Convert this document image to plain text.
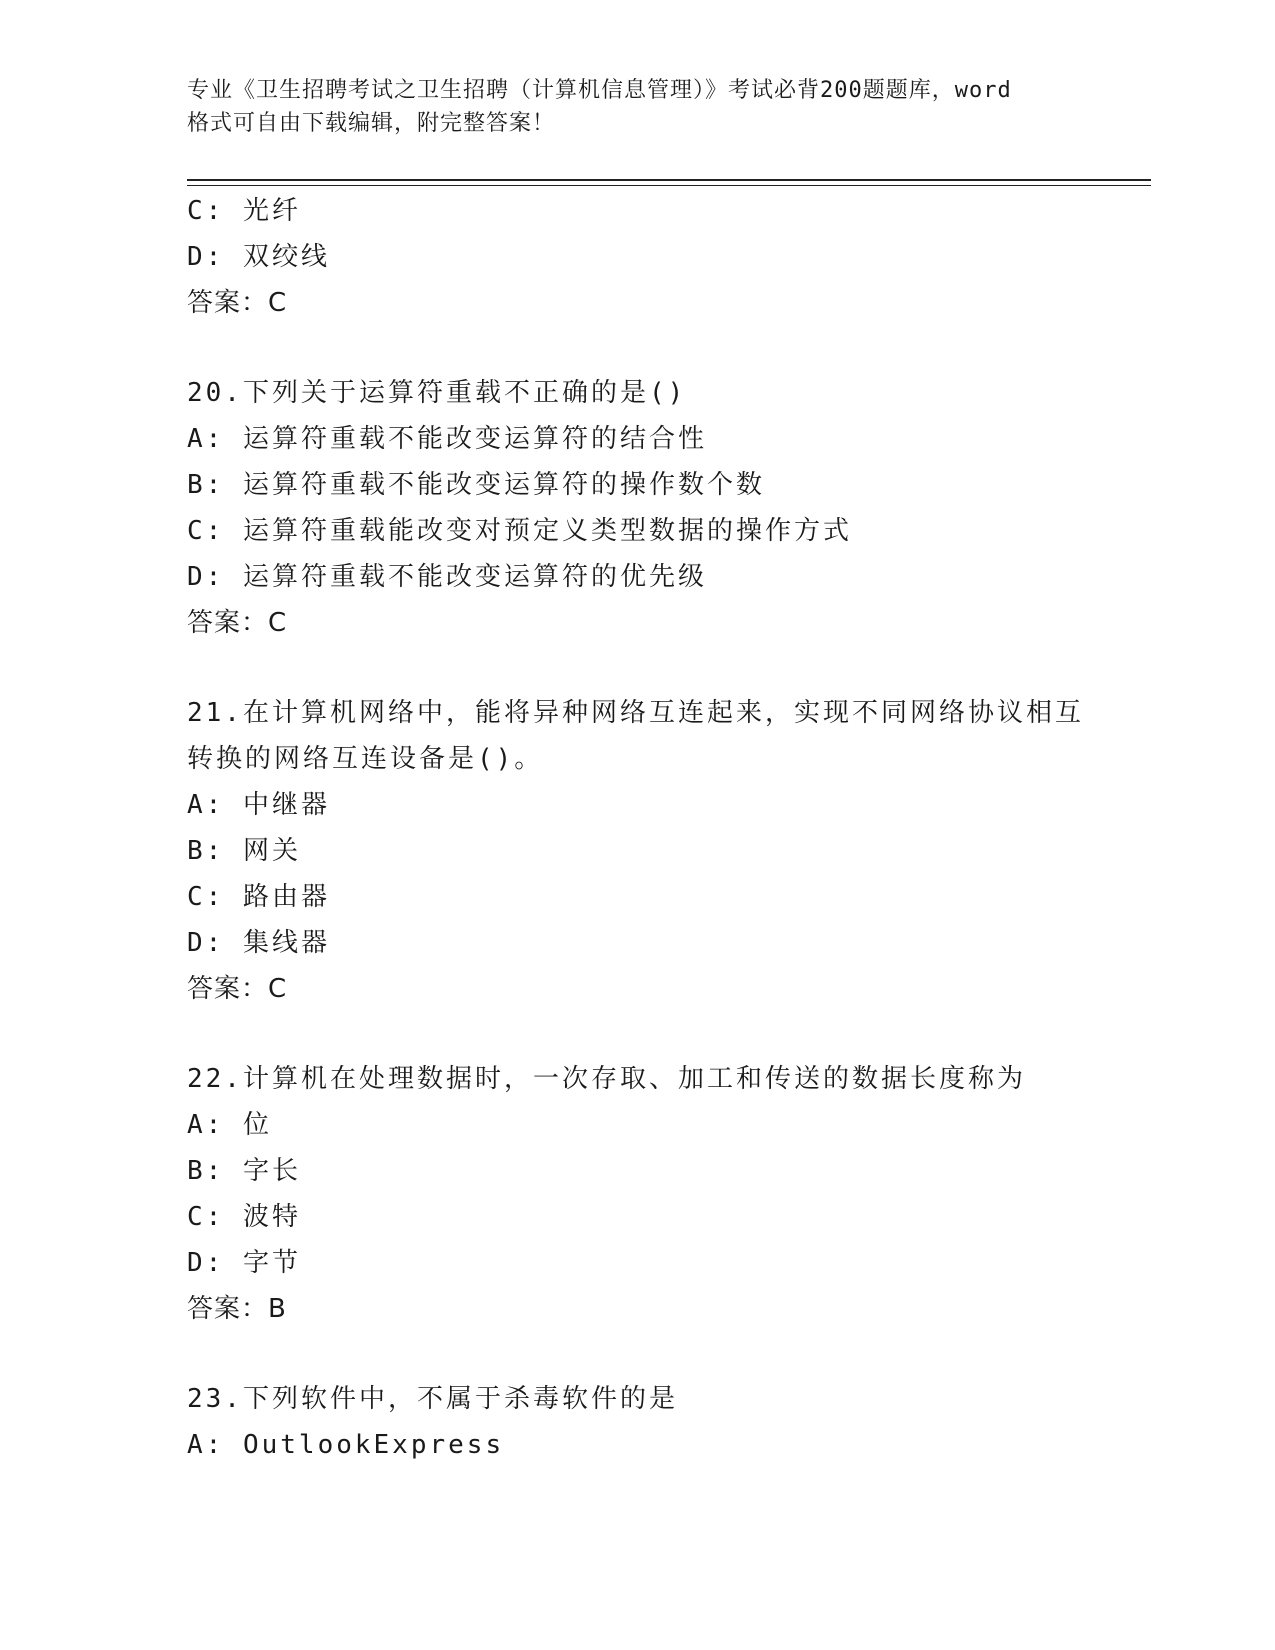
专业《卫生招聘考试之卫生招聘（计算机信息管理）》考试必背200题题库，word
格式可自由下载编辑，附完整答案！
C: 光纤
D: 双绞线
答案：C
20.下列关于运算符重载不正确的是()
A: 运算符重载不能改变运算符的结合性
B: 运算符重载不能改变运算符的操作数个数
C: 运算符重载能改变对预定义类型数据的操作方式
D: 运算符重载不能改变运算符的优先级
答案：C
21.在计算机网络中，能将异种网络互连起来，实现不同网络协议相互
转换的网络互连设备是()。
A: 中继器
B: 网关
C: 路由器
D: 集线器
答案：C
22.计算机在处理数据时，一次存取、加工和传送的数据长度称为
A: 位
B: 字长
C: 波特
D: 字节
答案：B
23.下列软件中，不属于杀毒软件的是
A: OutlookExpress
